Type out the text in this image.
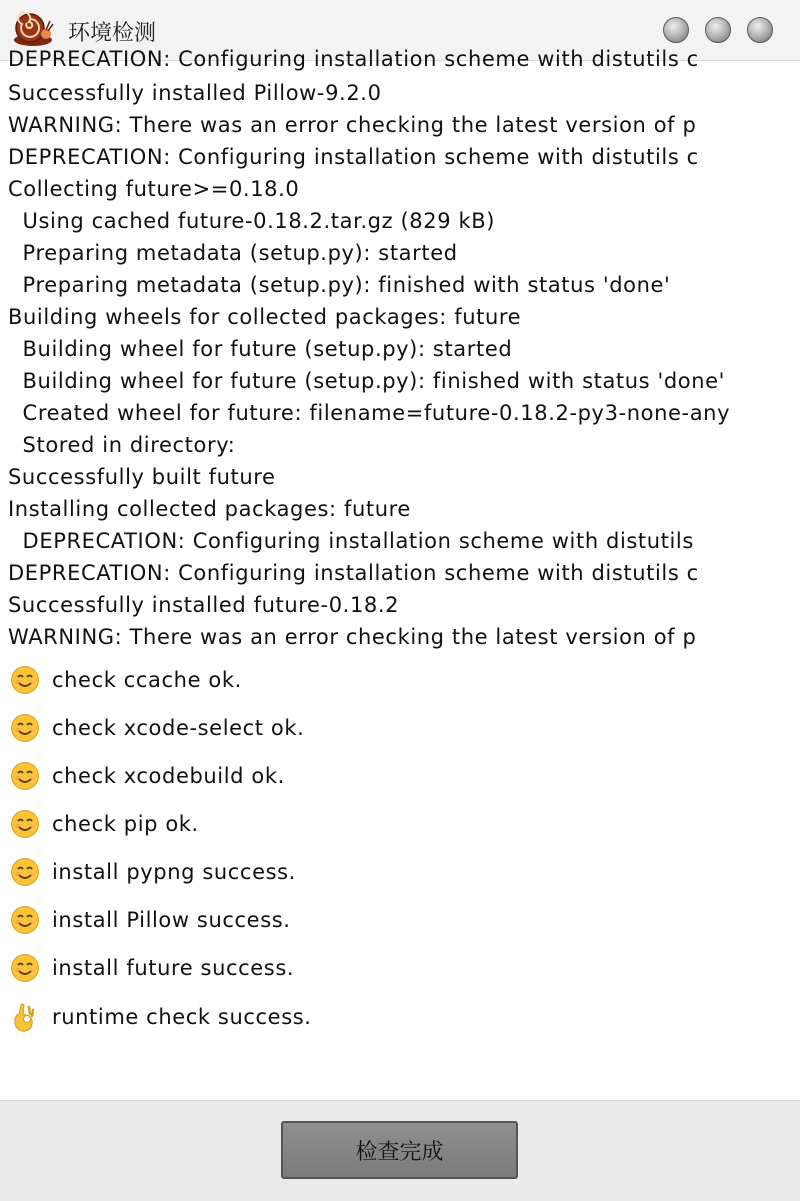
环境检测
DEPRECATION: Configuring installation scheme with distutils c
Successfully installed Pillow-9.2.0
WARNING: There was an error checking the latest version of p
DEPRECATION: Configuring installation scheme with distutils c
Collecting future>=0.18.0
Using cached future-0.18.2.tar.gz (829 kB)
Preparing metadata (setup.py): started
Preparing metadata (setup.py): finished with status 'done'
Building wheels for collected packages: future
Building wheel for future (setup.py): started
Building wheel for future (setup.py): finished with status 'done'
Created wheel for future: filename=future-0.18.2-py3-none-any
Stored in directory:
Successfully built future
Installing collected packages: future
DEPRECATION: Configuring installation scheme with distutils
DEPRECATION: Configuring installation scheme with distutils c
Successfully installed future-0.18.2
WARNING: There was an error checking the latest version of p
check ccache ok.
check xcode-select ok.
check xcodebuild ok.
check pip ok.
install pypng success.
install Pillow success.
install future success.
runtime check success.
检查完成
